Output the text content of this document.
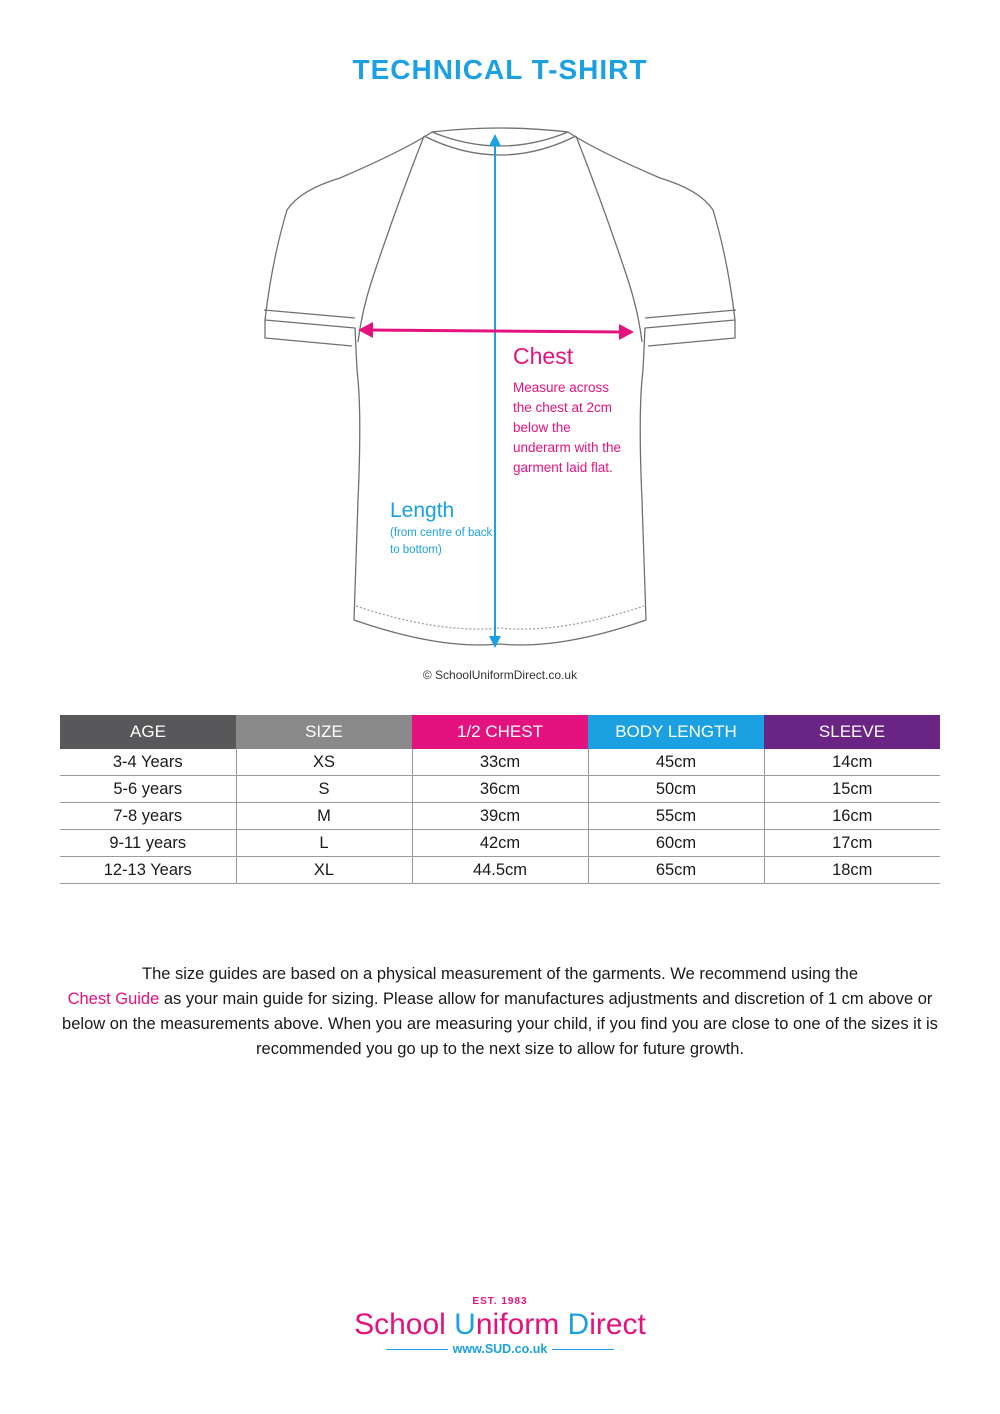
TECHNICAL T-SHIRT
Chest
Measure across the chest at 2cm below the underarm with the garment laid flat.
Length
(from centre of back to bottom)
© SchoolUniformDirect.co.uk
AGE	SIZE	1/2 CHEST	BODY LENGTH	SLEEVE
3-4 Years	XS	33cm	45cm	14cm
5-6 years	S	36cm	50cm	15cm
7-8 years	M	39cm	55cm	16cm
9-11 years	L	42cm	60cm	17cm
12-13 Years	XL	44.5cm	65cm	18cm

The size guides are based on a physical measurement of the garments. We recommend using the
Chest Guide as your main guide for sizing. Please allow for manufactures adjustments and discretion of 1 cm above or below on the measurements above. When you are measuring your child, if you find you are close to one of the sizes it is recommended you go up to the next size to allow for future growth.

EST. 1983
School Uniform Direct
www.SUD.co.uk
